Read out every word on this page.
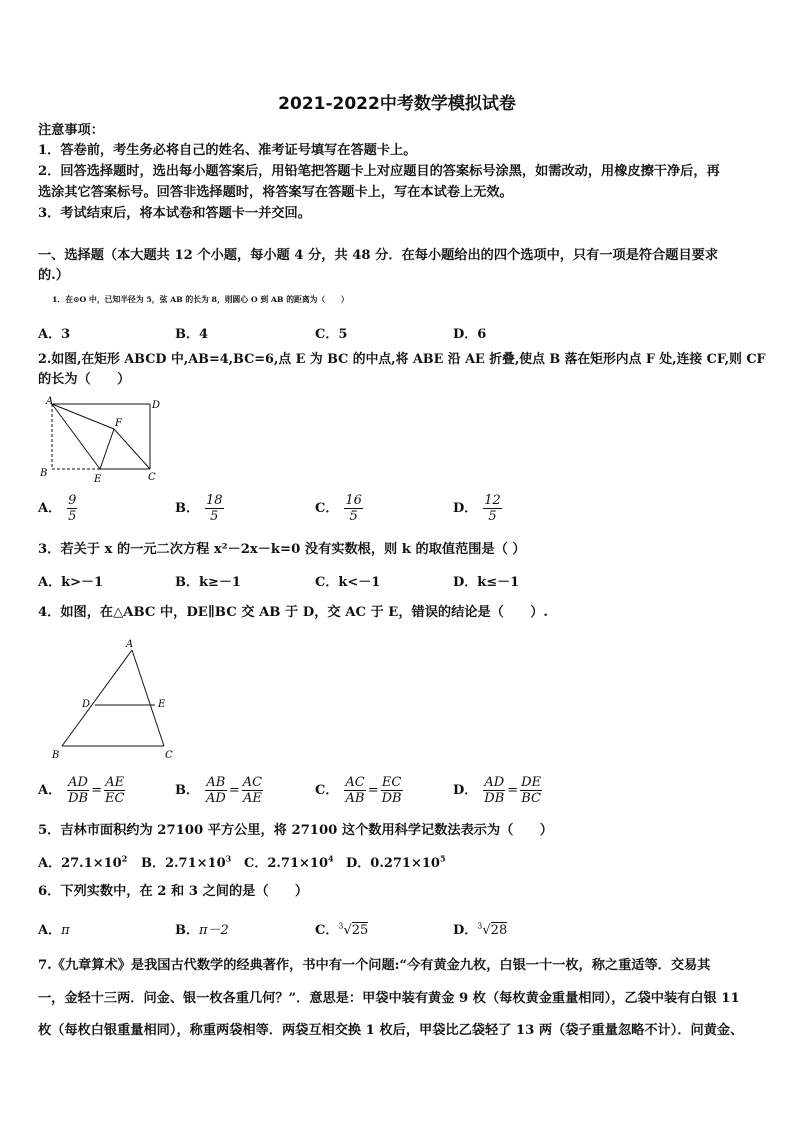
2021-2022中考数学模拟试卷
注意事项：
1．答卷前，考生务必将自己的姓名、准考证号填写在答题卡上。
2．回答选择题时，选出每小题答案后，用铅笔把答题卡上对应题目的答案标号涂黑，如需改动，用橡皮擦干净后，再
选涂其它答案标号。回答非选择题时，将答案写在答题卡上，写在本试卷上无效。
3．考试结束后，将本试卷和答题卡一并交回。
一、选择题（本大题共 12 个小题，每小题 4 分，共 48 分．在每小题给出的四个选项中，只有一项是符合题目要求
的.）
1．在⊙O 中，已知半径为 5，弦 AB 的长为 8，则圆心 O 到 AB 的距离为（　　）
A．3	B．4	C．5	D．6
2.如图,在矩形 ABCD 中,AB=4,BC=6,点 E 为 BC 的中点,将 ABE 沿 AE 折叠,使点 B 落在矩形内点 F 处,连接 CF,则 CF
的长为（　　）
A	D
B	C
E
F
A． $\frac{9}{5}$	B． $\frac{18}{5}$	C． $\frac{16}{5}$	D． $\frac{12}{5}$
3．若关于 x 的一元二次方程 x²－2x－k=0 没有实数根，则 k 的取值范围是（ ）
A．k>－1	B．k≥－1	C．k<－1	D．k≤－1
4．如图，在△ABC 中，DE∥BC 交 AB 于 D，交 AC 于 E，错误的结论是（　　）.
A
D	E
B	C
A． $\frac{AD}{DB} = \frac{AE}{EC}$	B． $\frac{AB}{AD} = \frac{AC}{AE}$	C． $\frac{AC}{AB} = \frac{EC}{DB}$	D． $\frac{AD}{DB} = \frac{DE}{BC}$
5．吉林市面积约为 27100 平方公里，将 27100 这个数用科学记数法表示为（　　）
A．$27.1\times 10^2$ B．$2.71\times 10^3$ C．$2.71\times 10^4$ D．$0.271\times 10^5$
6．下列实数中，在 2 和 3 之间的是（　　）
A．π	B．π－2	C．$^3$√25	D．$^3$√28
7.《九章算术》是我国古代数学的经典著作，书中有一个问题:“今有黄金九枚，白银一十一枚，称之重适等．交易其
一，金轻十三两．问金、银一枚各重几何？”．意思是：甲袋中装有黄金 9 枚（每枚黄金重量相同），乙袋中装有白银 11
枚（每枚白银重量相同），称重两袋相等．两袋互相交换 1 枚后，甲袋比乙袋轻了 13 两（袋子重量忽略不计）．问黄金、
